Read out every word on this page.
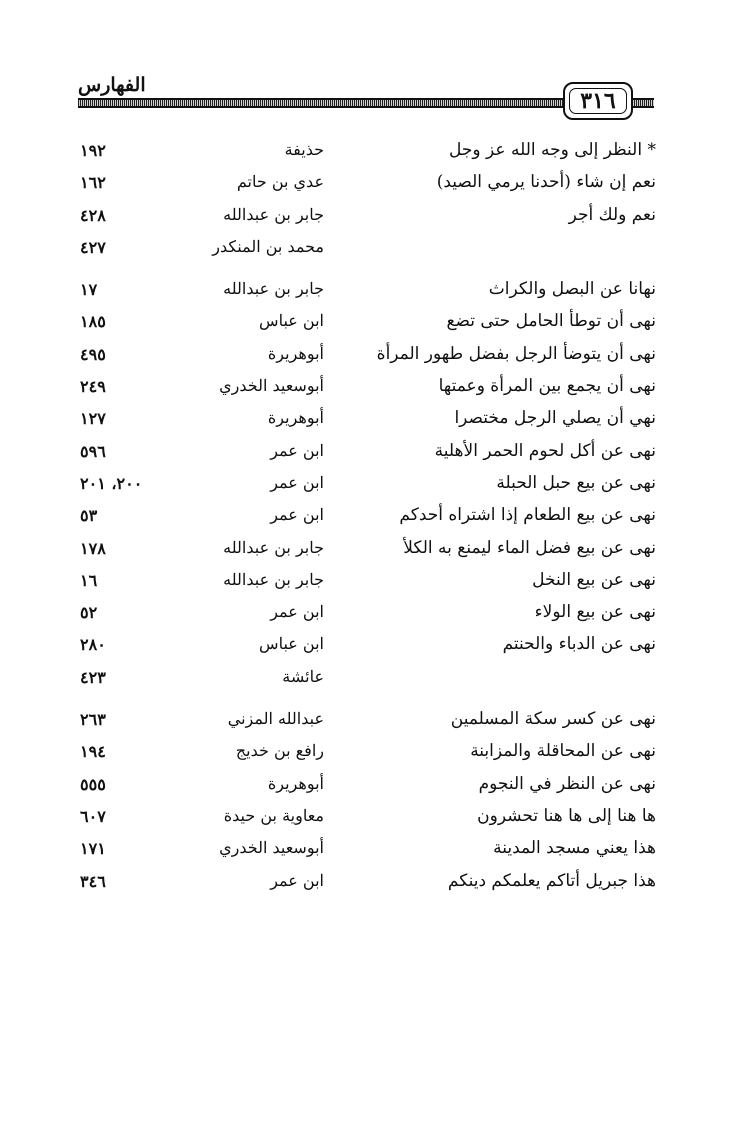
الفهارس
٣١٦
* النظر إلى وجه الله عز وجل
حذيفة
١٩٢
نعم إن شاء (أحدنا يرمي الصيد)
عدي بن حاتم
١٦٢
نعم ولك أجر
جابر بن عبدالله
٤٢٨
محمد بن المنكدر
٤٢٧
نهانا عن البصل والكراث
جابر بن عبدالله
١٧
نهى أن توطأ الحامل حتى تضع
ابن عباس
١٨٥
نهى أن يتوضأ الرجل بفضل طهور المرأة
أبوهريرة
٤٩٥
نهى أن يجمع بين المرأة وعمتها
أبوسعيد الخدري
٢٤٩
نهي أن يصلي الرجل مختصرا
أبوهريرة
١٢٧
نهى عن أكل لحوم الحمر الأهلية
ابن عمر
٥٩٦
نهى عن بيع حبل الحبلة
ابن عمر
٢٠٠، ٢٠١
نهى عن بيع الطعام إذا اشتراه أحدكم
ابن عمر
٥٣
نهى عن بيع فضل الماء ليمنع به الكلأ
جابر بن عبدالله
١٧٨
نهى عن بيع النخل
جابر بن عبدالله
١٦
نهى عن بيع الولاء
ابن عمر
٥٢
نهى عن الدباء والحنتم
ابن عباس
٢٨٠
عائشة
٤٢٣
نهى عن كسر سكة المسلمين
عبدالله المزني
٢٦٣
نهى عن المحاقلة والمزابنة
رافع بن خديج
١٩٤
نهى عن النظر في النجوم
أبوهريرة
٥٥٥
ها هنا إلى ها هنا تحشرون
معاوية بن حيدة
٦٠٧
هذا يعني مسجد المدينة
أبوسعيد الخدري
١٧١
هذا جبريل أتاكم يعلمكم دينكم
ابن عمر
٣٤٦
